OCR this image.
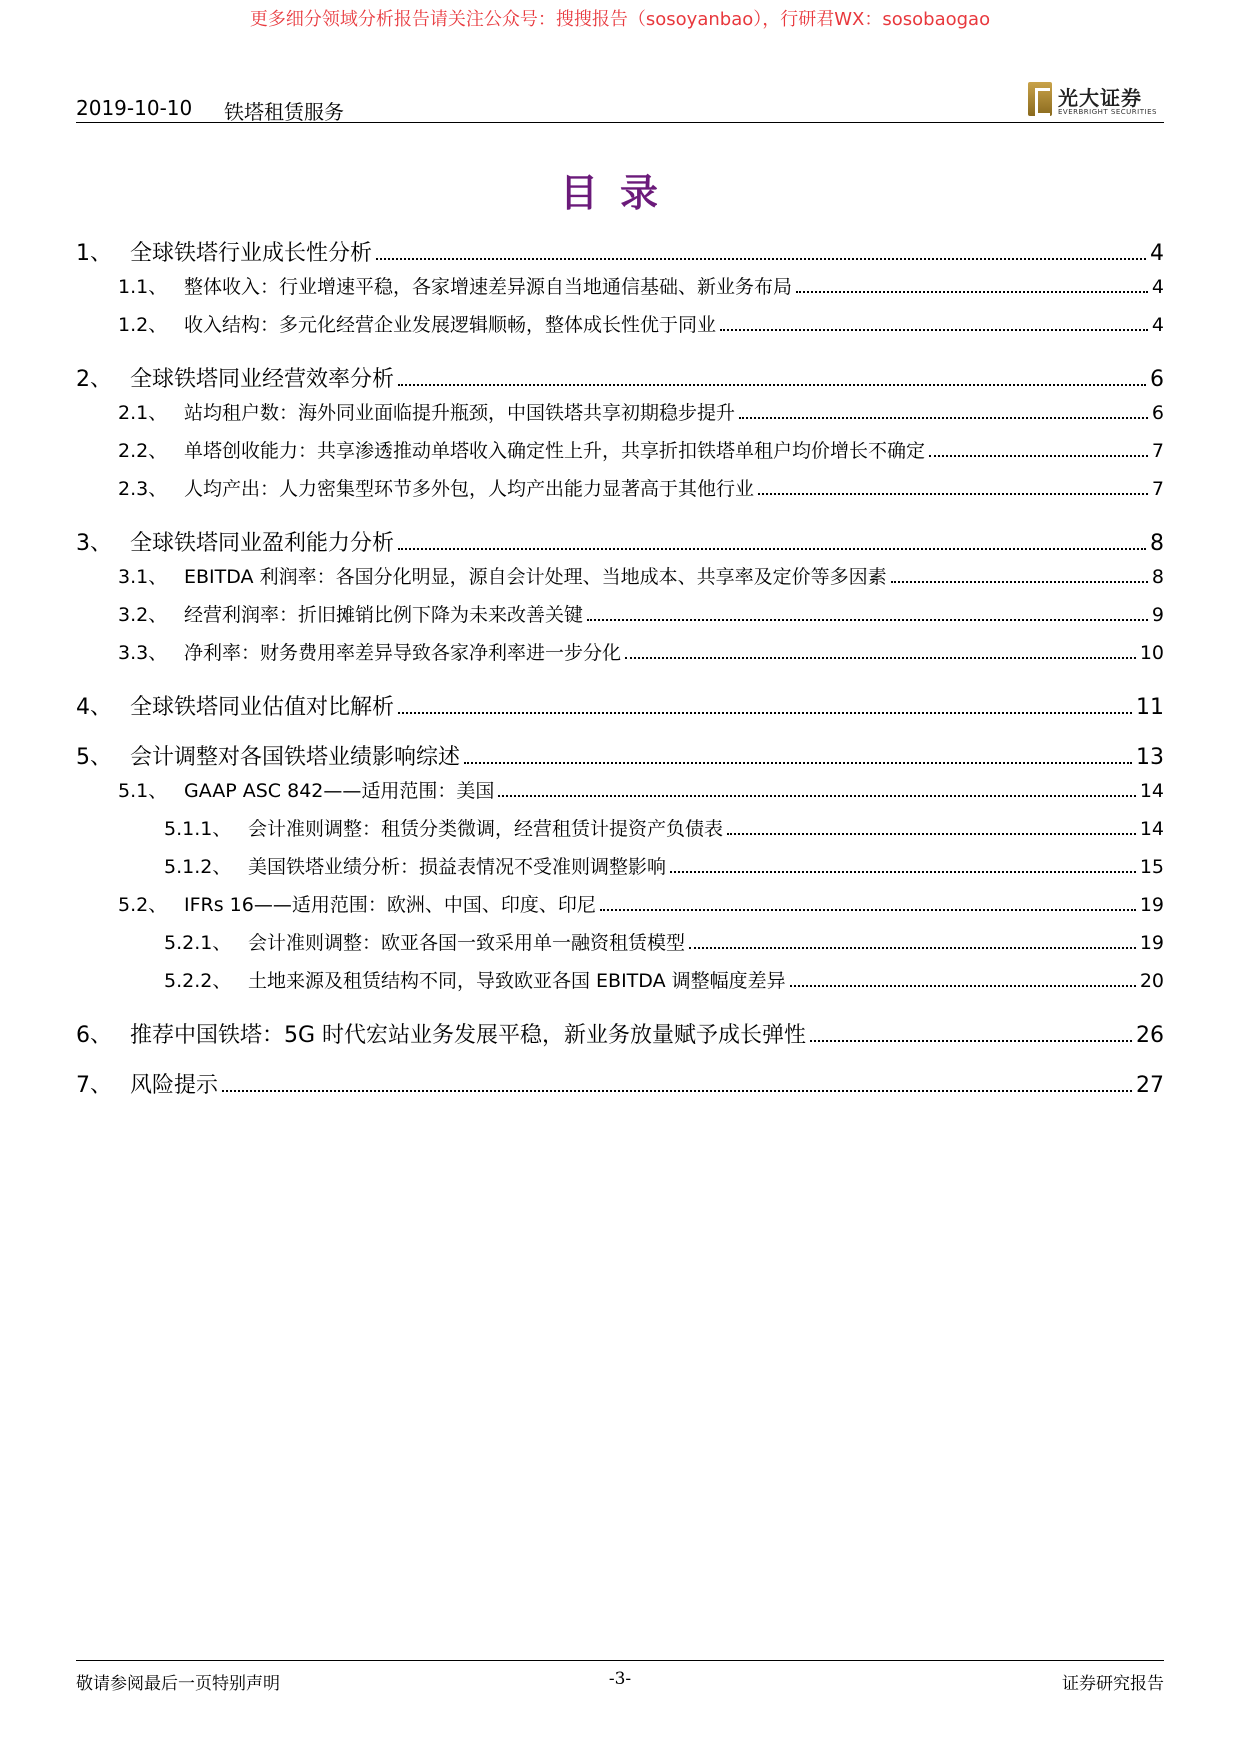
更多细分领域分析报告请关注公众号：搜搜报告（sosoyanbao），行研君WX：sosobaogao
2019-10-10 铁塔租赁服务
光大证券
EVERBRIGHT SECURITIES
目录
1、 全球铁塔行业成长性分析	4
1.1、 整体收入：行业增速平稳，各家增速差异源自当地通信基础、新业务布局	4
1.2、 收入结构：多元化经营企业发展逻辑顺畅，整体成长性优于同业	4
2、 全球铁塔同业经营效率分析	6
2.1、 站均租户数：海外同业面临提升瓶颈，中国铁塔共享初期稳步提升	6
2.2、 单塔创收能力：共享渗透推动单塔收入确定性上升，共享折扣铁塔单租户均价增长不确定	7
2.3、 人均产出：人力密集型环节多外包，人均产出能力显著高于其他行业	7
3、 全球铁塔同业盈利能力分析	8
3.1、 EBITDA 利润率：各国分化明显，源自会计处理、当地成本、共享率及定价等多因素	8
3.2、 经营利润率：折旧摊销比例下降为未来改善关键	9
3.3、 净利率：财务费用率差异导致各家净利率进一步分化	10
4、 全球铁塔同业估值对比解析	11
5、 会计调整对各国铁塔业绩影响综述	13
5.1、 GAAP ASC 842——适用范围：美国	14
5.1.1、 会计准则调整：租赁分类微调，经营租赁计提资产负债表	14
5.1.2、 美国铁塔业绩分析：损益表情况不受准则调整影响	15
5.2、 IFRs 16——适用范围：欧洲、中国、印度、印尼	19
5.2.1、 会计准则调整：欧亚各国一致采用单一融资租赁模型	19
5.2.2、 土地来源及租赁结构不同，导致欧亚各国 EBITDA 调整幅度差异	20
6、 推荐中国铁塔：5G 时代宏站业务发展平稳，新业务放量赋予成长弹性	26
7、 风险提示	27
敬请参阅最后一页特别声明	-3-	证券研究报告
